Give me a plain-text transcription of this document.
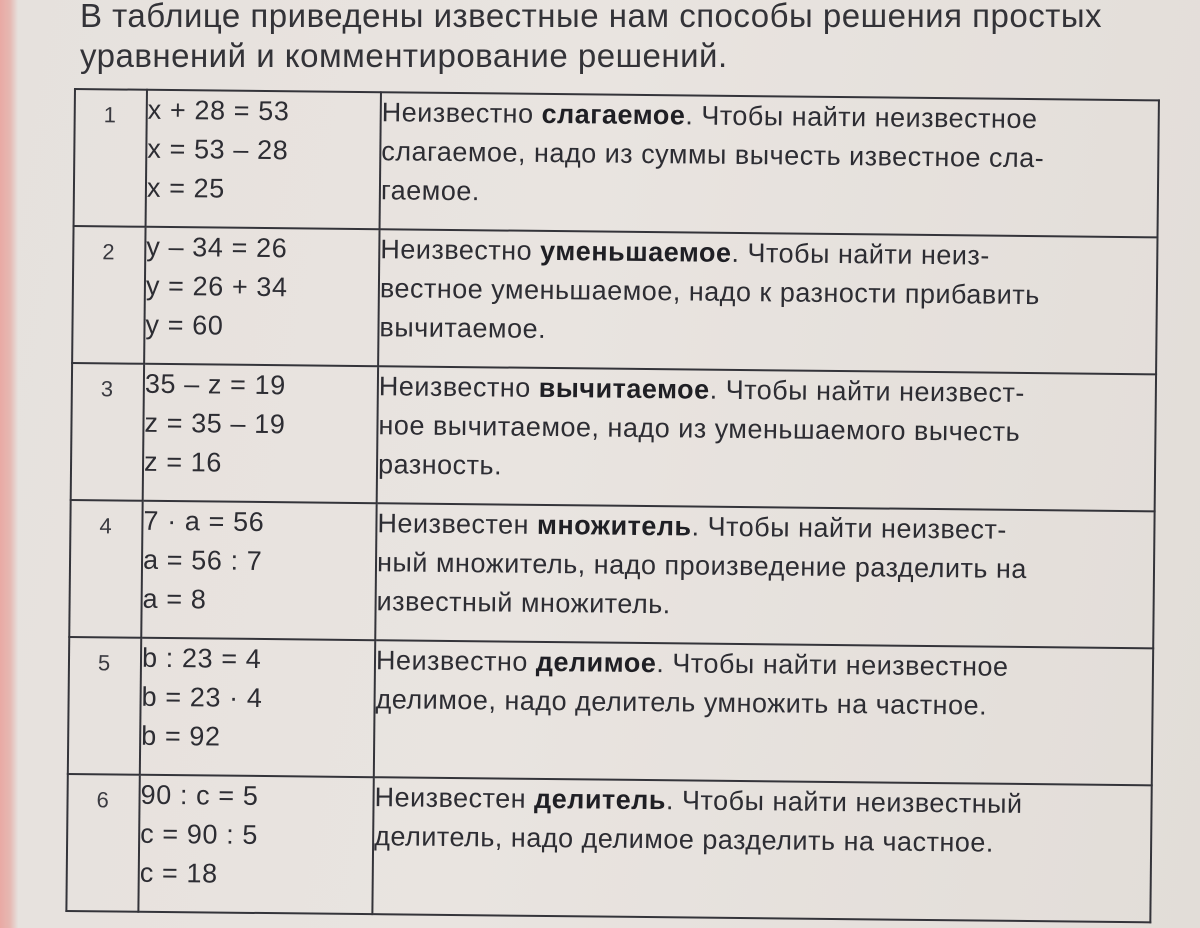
В таблице приведены известные нам способы решения простых
уравнений и комментирование решений.

1	x + 28 = 53
x = 53 – 28
x = 25	Неизвестно слагаемое. Чтобы найти неизвестное
слагаемое, надо из суммы вычесть известное сла-
гаемое.

2	y – 34 = 26
y = 26 + 34
y = 60	Неизвестно уменьшаемое. Чтобы найти неиз-
вестное уменьшаемое, надо к разности прибавить
вычитаемое.

3	35 – z = 19
z = 35 – 19
z = 16	Неизвестно вычитаемое. Чтобы найти неизвест-
ное вычитаемое, надо из уменьшаемого вычесть
разность.

4	7 · a = 56
a = 56 : 7
a = 8	Неизвестен множитель. Чтобы найти неизвест-
ный множитель, надо произведение разделить на
известный множитель.

5	b : 23 = 4
b = 23 · 4
b = 92	Неизвестно делимое. Чтобы найти неизвестное
делимое, надо делитель умножить на частное.

6	90 : c = 5
c = 90 : 5
c = 18	Неизвестен делитель. Чтобы найти неизвестный
делитель, надо делимое разделить на частное.
